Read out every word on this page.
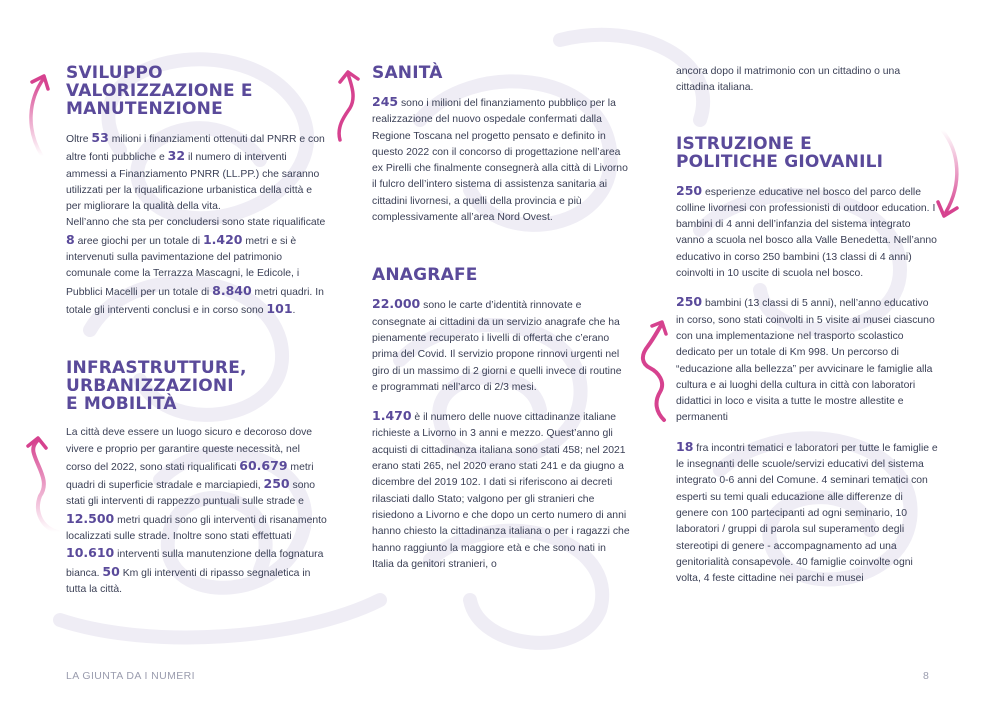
SVILUPPO
VALORIZZAZIONE E
MANUTENZIONE

Oltre 53 milioni i finanziamenti ottenuti dal PNRR e con altre fonti pubbliche e 32 il numero di interventi ammessi a Finanziamento PNRR (LL.PP.) che saranno utilizzati per la riqualificazione urbanistica della città e per migliorare la qualità della vita.
Nell’anno che sta per concludersi sono state riqualificate 8 aree giochi per un totale di 1.420 metri e si è intervenuti sulla pavimentazione del patrimonio comunale come la Terrazza Mascagni, le Edicole, i Pubblici Macelli per un totale di 8.840 metri quadri. In totale gli interventi conclusi e in corso sono 101.

INFRASTRUTTURE,
URBANIZZAZIONI
E MOBILITÀ

La città deve essere un luogo sicuro e decoroso dove vivere e proprio per garantire queste necessità, nel corso del 2022, sono stati riqualificati 60.679 metri quadri di superficie stradale e marciapiedi, 250 sono stati gli interventi di rappezzo puntuali sulle strade e 12.500 metri quadri sono gli interventi di risanamento localizzati sulle strade. Inoltre sono stati effettuati 10.610 interventi sulla manutenzione della fognatura bianca. 50 Km gli interventi di ripasso segnaletica in tutta la città.

SANITÀ

245 sono i milioni del finanziamento pubblico per la realizzazione del nuovo ospedale confermati dalla Regione Toscana nel progetto pensato e definito in questo 2022 con il concorso di progettazione nell’area ex Pirelli che finalmente consegnerà alla città di Livorno il fulcro dell’intero sistema di assistenza sanitaria ai cittadini livornesi, a quelli della provincia e più complessivamente all’area Nord Ovest.

ANAGRAFE

22.000 sono le carte d’identità rinnovate e consegnate ai cittadini da un servizio anagrafe che ha pienamente recuperato i livelli di offerta che c’erano prima del Covid. Il servizio propone rinnovi urgenti nel giro di un massimo di 2 giorni e quelli invece di routine e programmati nell’arco di 2/3 mesi.

1.470 è il numero delle nuove cittadinanze italiane richieste a Livorno in 3 anni e mezzo. Quest’anno gli acquisti di cittadinanza italiana sono stati 458; nel 2021 erano stati 265, nel 2020 erano stati 241 e da giugno a dicembre del 2019 102. I dati si riferiscono ai decreti rilasciati dallo Stato; valgono per gli stranieri che risiedono a Livorno e che dopo un certo numero di anni hanno chiesto la cittadinanza italiana o per i ragazzi che hanno raggiunto la maggiore età e che sono nati in Italia da genitori stranieri, o

ancora dopo il matrimonio con un cittadino o una cittadina italiana.

ISTRUZIONE E
POLITICHE GIOVANILI

250 esperienze educative nel bosco del parco delle colline livornesi con professionisti di outdoor education. I bambini di 4 anni dell’infanzia del sistema integrato vanno a scuola nel bosco alla Valle Benedetta. Nell’anno educativo in corso 250 bambini (13 classi di 4 anni) coinvolti in 10 uscite di scuola nel bosco.

250 bambini (13 classi di 5 anni), nell’anno educativo in corso, sono stati coinvolti in 5 visite ai musei ciascuno con una implementazione nel trasporto scolastico dedicato per un totale di Km 998. Un percorso di “educazione alla bellezza” per avvicinare le famiglie alla cultura e ai luoghi della cultura in città con laboratori didattici in loco e visita a tutte le mostre allestite e permanenti

18 fra incontri tematici e laboratori per tutte le famiglie e le insegnanti delle scuole/servizi educativi del sistema integrato 0-6 anni del Comune. 4 seminari tematici con esperti su temi quali educazione alle differenze di genere con 100 partecipanti ad ogni seminario, 10 laboratori / gruppi di parola sul superamento degli stereotipi di genere - accompagnamento ad una genitorialità consapevole. 40 famiglie coinvolte ogni volta, 4 feste cittadine nei parchi e musei

LA GIUNTA DA I NUMERI	8
